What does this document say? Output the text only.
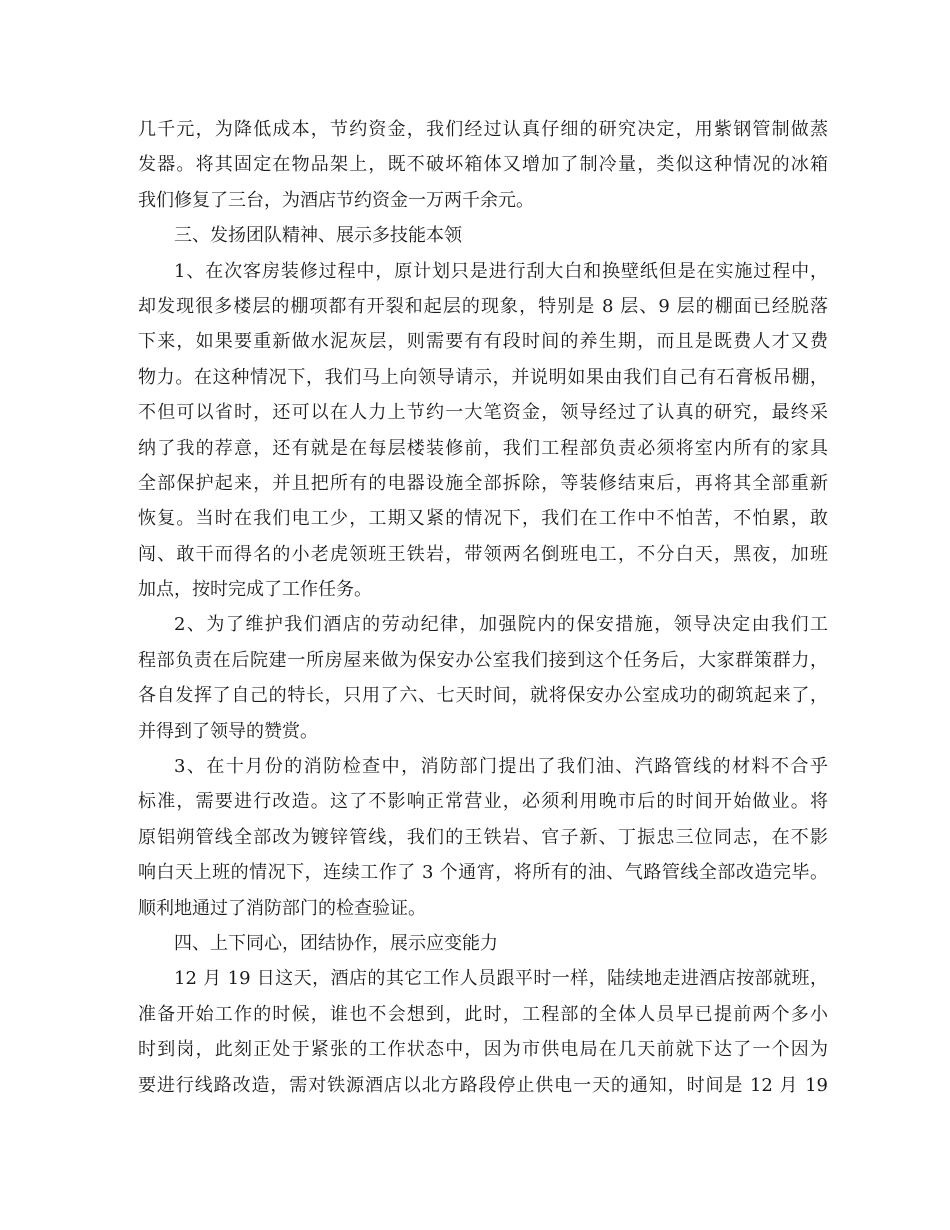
几千元，为降低成本，节约资金，我们经过认真仔细的研究决定，用紫钢管制做蒸
发器。将其固定在物品架上，既不破坏箱体又增加了制冷量，类似这种情况的冰箱
我们修复了三台，为酒店节约资金一万两千余元。
三、发扬团队精神、展示多技能本领
1、在次客房装修过程中，原计划只是进行刮大白和换壁纸但是在实施过程中，
却发现很多楼层的棚项都有开裂和起层的现象，特别是 8 层、9 层的棚面已经脱落
下来，如果要重新做水泥灰层，则需要有有段时间的养生期，而且是既费人才又费
物力。在这种情况下，我们马上向领导请示，并说明如果由我们自己有石膏板吊棚，
不但可以省时，还可以在人力上节约一大笔资金，领导经过了认真的研究，最终采
纳了我的荐意，还有就是在每层楼装修前，我们工程部负责必须将室内所有的家具
全部保护起来，并且把所有的电器设施全部拆除，等装修结束后，再将其全部重新
恢复。当时在我们电工少，工期又紧的情况下，我们在工作中不怕苦，不怕累，敢
闯、敢干而得名的小老虎领班王铁岩，带领两名倒班电工，不分白天，黑夜，加班
加点，按时完成了工作任务。
2、为了维护我们酒店的劳动纪律，加强院内的保安措施，领导决定由我们工
程部负责在后院建一所房屋来做为保安办公室我们接到这个任务后，大家群策群力，
各自发挥了自己的特长，只用了六、七天时间，就将保安办公室成功的砌筑起来了，
并得到了领导的赞赏。
3、在十月份的消防检查中，消防部门提出了我们油、汽路管线的材料不合乎
标准，需要进行改造。这了不影响正常营业，必须利用晚市后的时间开始做业。将
原铝朔管线全部改为镀锌管线，我们的王铁岩、官子新、丁振忠三位同志，在不影
响白天上班的情况下，连续工作了 3 个通宵，将所有的油、气路管线全部改造完毕。
顺利地通过了消防部门的检查验证。
四、上下同心，团结协作，展示应变能力
12 月 19 日这天，酒店的其它工作人员跟平时一样，陆续地走进酒店按部就班，
准备开始工作的时候，谁也不会想到，此时，工程部的全体人员早已提前两个多小
时到岗，此刻正处于紧张的工作状态中，因为市供电局在几天前就下达了一个因为
要进行线路改造，需对铁源酒店以北方路段停止供电一天的通知，时间是 12 月 19
